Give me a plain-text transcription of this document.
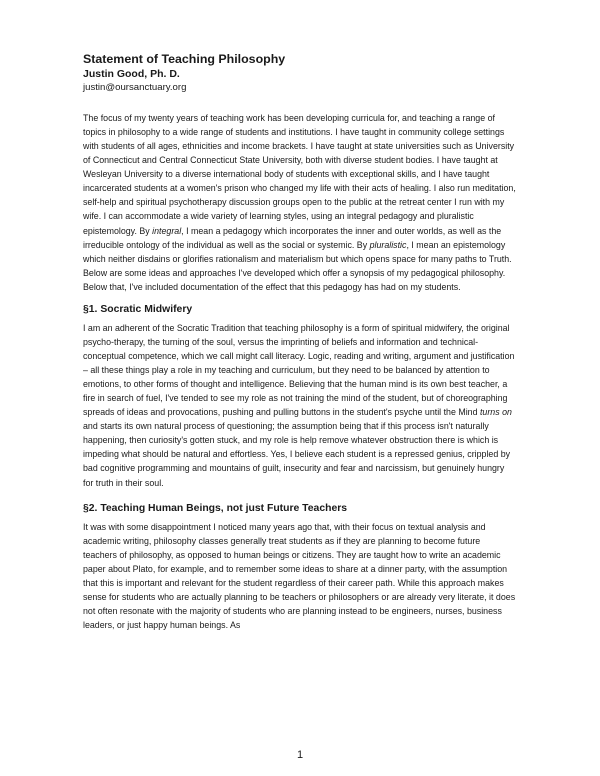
Statement of Teaching Philosophy

Justin Good, Ph. D.

justin@oursanctuary.org

The focus of my twenty years of teaching work has been developing curricula for, and teaching a range of topics in philosophy to a wide range of students and institutions. I have taught in community college settings with students of all ages, ethnicities and income brackets. I have taught at state universities such as University of Connecticut and Central Connecticut State University, both with diverse student bodies. I have taught at Wesleyan University to a diverse international body of students with exceptional skills, and I have taught incarcerated students at a women's prison who changed my life with their acts of healing. I also run meditation, self-help and spiritual psychotherapy discussion groups open to the public at the retreat center I run with my wife. I can accommodate a wide variety of learning styles, using an integral pedagogy and pluralistic epistemology. By integral, I mean a pedagogy which incorporates the inner and outer worlds, as well as the irreducible ontology of the individual as well as the social or systemic. By pluralistic, I mean an epistemology which neither disdains or glorifies rationalism and materialism but which opens space for many paths to Truth. Below are some ideas and approaches I've developed which offer a synopsis of my pedagogical philosophy. Below that, I've included documentation of the effect that this pedagogy has had on my students.

§1. Socratic Midwifery

I am an adherent of the Socratic Tradition that teaching philosophy is a form of spiritual midwifery, the original psycho-therapy, the turning of the soul, versus the imprinting of beliefs and information and technical-conceptual competence, which we call might call literacy. Logic, reading and writing, argument and justification – all these things play a role in my teaching and curriculum, but they need to be balanced by attention to emotions, to other forms of thought and intelligence. Believing that the human mind is its own best teacher, a fire in search of fuel, I've tended to see my role as not training the mind of the student, but of choreographing spreads of ideas and provocations, pushing and pulling buttons in the student's psyche until the Mind turns on and starts its own natural process of questioning; the assumption being that if this process isn't naturally happening, then curiosity's gotten stuck, and my role is help remove whatever obstruction there is which is impeding what should be natural and effortless. Yes, I believe each student is a repressed genius, crippled by bad cognitive programming and mountains of guilt, insecurity and fear and narcissism, but genuinely hungry for truth in their soul.

§2. Teaching Human Beings, not just Future Teachers

It was with some disappointment I noticed many years ago that, with their focus on textual analysis and academic writing, philosophy classes generally treat students as if they are planning to become future teachers of philosophy, as opposed to human beings or citizens. They are taught how to write an academic paper about Plato, for example, and to remember some ideas to share at a dinner party, with the assumption that this is important and relevant for the student regardless of their career path. While this approach makes sense for students who are actually planning to be teachers or philosophers or are already very literate, it does not often resonate with the majority of students who are planning instead to be engineers, nurses, business leaders, or just happy human beings. As

1
